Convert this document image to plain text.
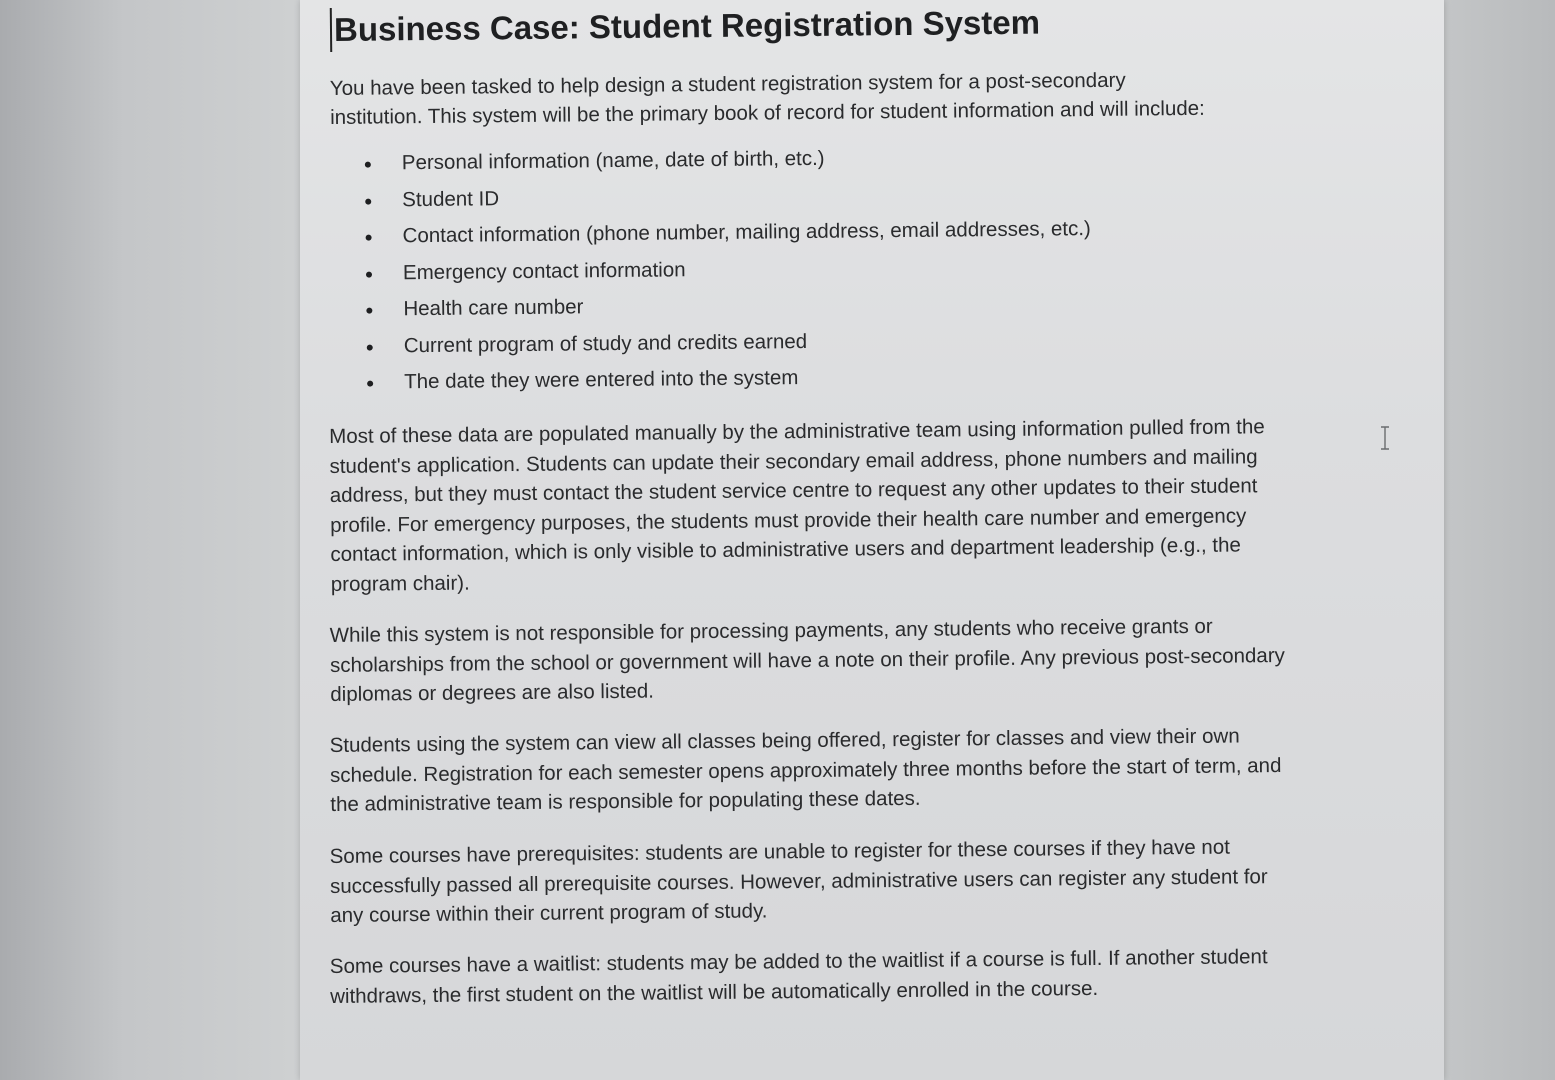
Business Case: Student Registration System

You have been tasked to help design a student registration system for a post-secondary institution. This system will be the primary book of record for student information and will include:

Personal information (name, date of birth, etc.)
Student ID
Contact information (phone number, mailing address, email addresses, etc.)
Emergency contact information
Health care number
Current program of study and credits earned
The date they were entered into the system

Most of these data are populated manually by the administrative team using information pulled from the student's application. Students can update their secondary email address, phone numbers and mailing address, but they must contact the student service centre to request any other updates to their student profile. For emergency purposes, the students must provide their health care number and emergency contact information, which is only visible to administrative users and department leadership (e.g., the program chair).

While this system is not responsible for processing payments, any students who receive grants or scholarships from the school or government will have a note on their profile. Any previous post-secondary diplomas or degrees are also listed.

Students using the system can view all classes being offered, register for classes and view their own schedule. Registration for each semester opens approximately three months before the start of term, and the administrative team is responsible for populating these dates.

Some courses have prerequisites: students are unable to register for these courses if they have not successfully passed all prerequisite courses. However, administrative users can register any student for any course within their current program of study.

Some courses have a waitlist: students may be added to the waitlist if a course is full. If another student withdraws, the first student on the waitlist will be automatically enrolled in the course.
